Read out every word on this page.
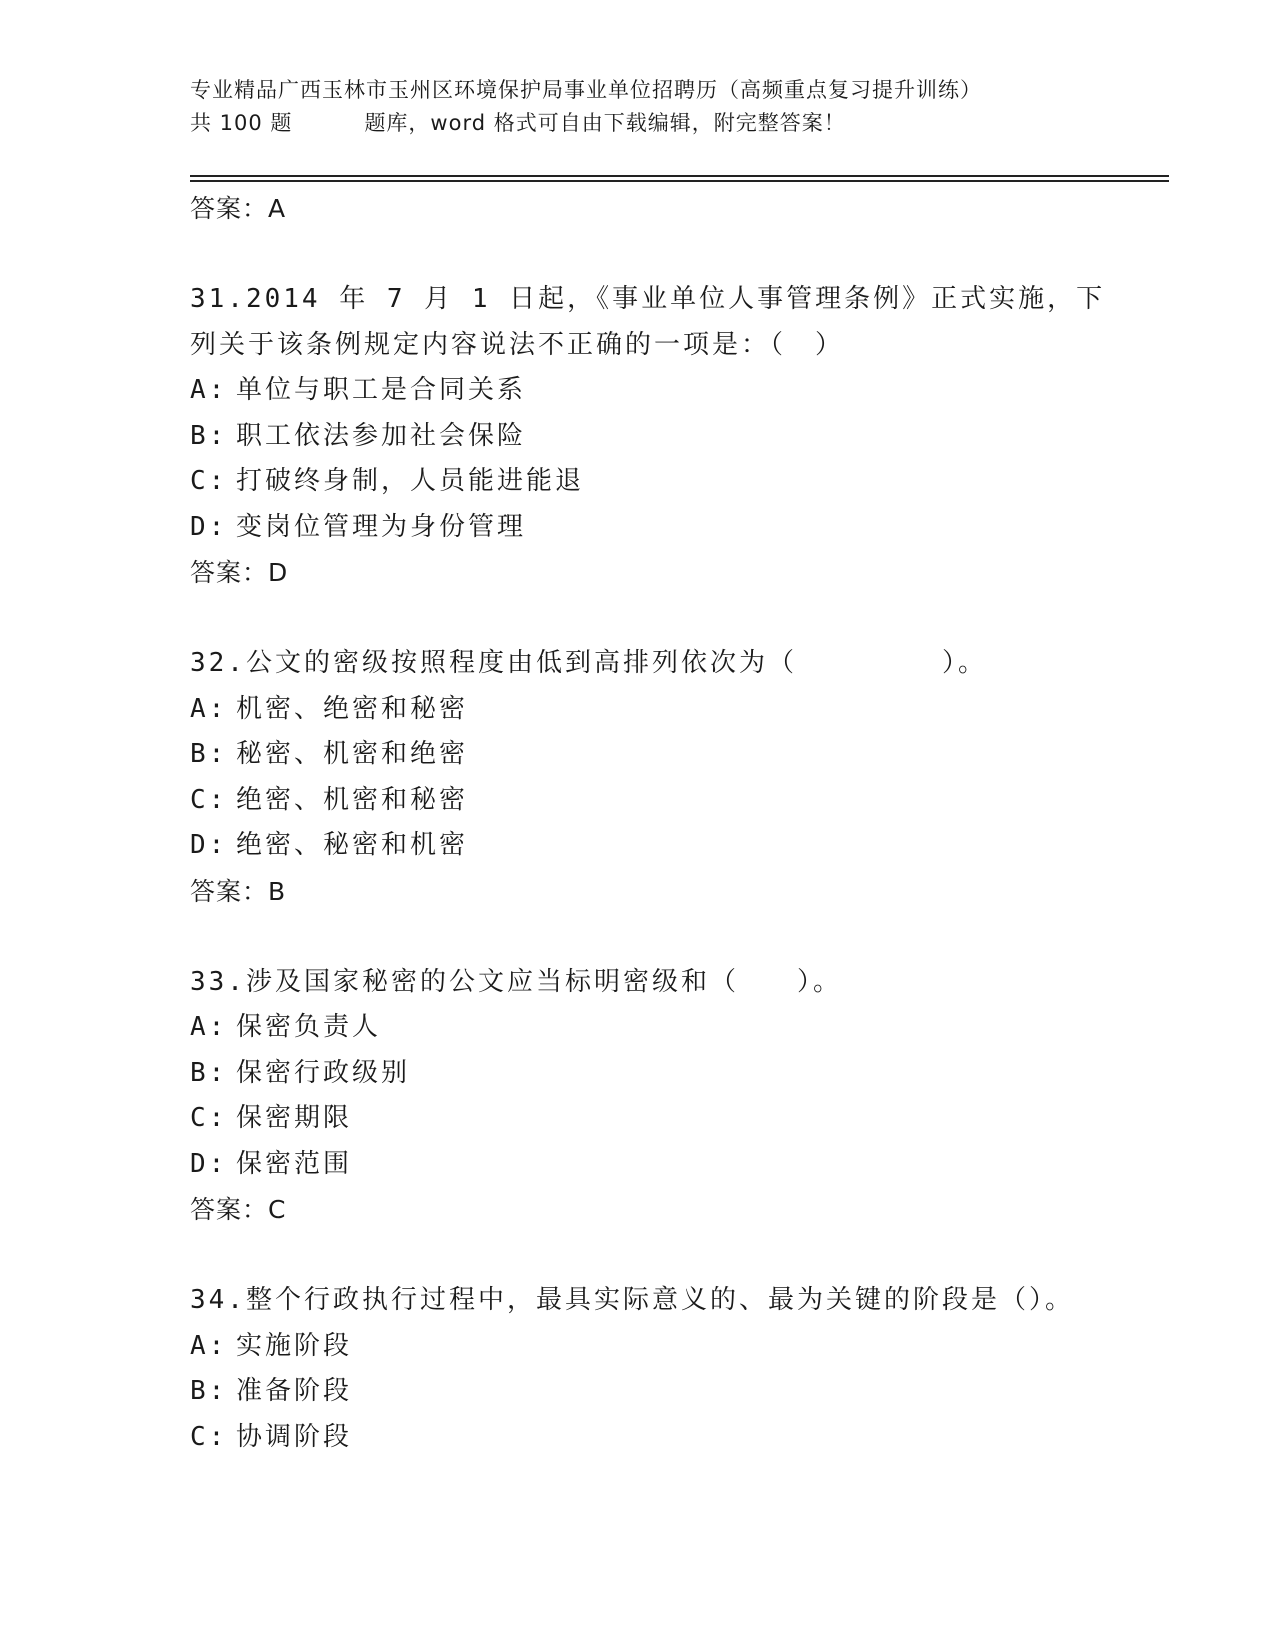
专业精品广西玉林市玉州区环境保护局事业单位招聘历（高频重点复习提升训练）
共 100 题	题库，word 格式可自由下载编辑，附完整答案！
答案：A
31.2014 年 7 月 1 日起，《事业单位人事管理条例》正式实施，下列关于该条例规定内容说法不正确的一项是：（　）
A: 单位与职工是合同关系
B: 职工依法参加社会保险
C: 打破终身制，人员能进能退
D: 变岗位管理为身份管理
答案：D
32.公文的密级按照程度由低到高排列依次为（　　　　　）。
A: 机密、绝密和秘密
B: 秘密、机密和绝密
C: 绝密、机密和秘密
D: 绝密、秘密和机密
答案：B
33.涉及国家秘密的公文应当标明密级和（　　）。
A: 保密负责人
B: 保密行政级别
C: 保密期限
D: 保密范围
答案：C
34.整个行政执行过程中，最具实际意义的、最为关键的阶段是（）。
A: 实施阶段
B: 准备阶段
C: 协调阶段
